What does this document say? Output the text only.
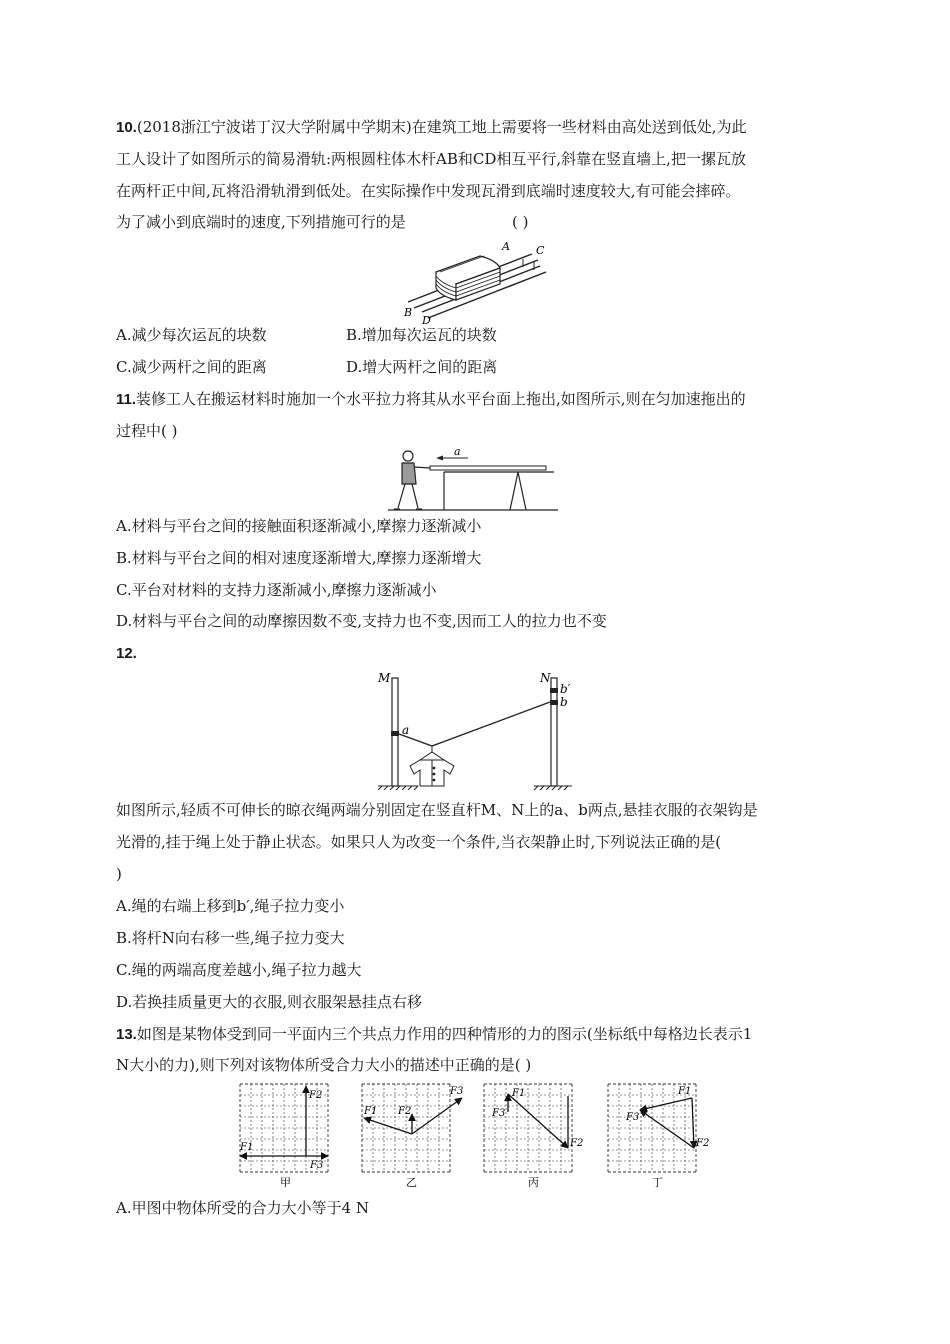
10.(2018浙江宁波诺丁汉大学附属中学期末)在建筑工地上需要将一些材料由高处送到低处,为此
工人设计了如图所示的简易滑轨:两根圆柱体木杆AB和CD相互平行,斜靠在竖直墙上,把一摞瓦放
在两杆正中间,瓦将沿滑轨滑到低处。在实际操作中发现瓦滑到底端时速度较大,有可能会摔碎。
为了减小到底端时的速度,下列措施可行的是	( )
A C
B
D
A.减少每次运瓦的块数	B.增加每次运瓦的块数
C.减少两杆之间的距离	D.增大两杆之间的距离
11.装修工人在搬运材料时施加一个水平拉力将其从水平台面上拖出,如图所示,则在匀加速拖出的
过程中( )
a
A.材料与平台之间的接触面积逐渐减小,摩擦力逐渐减小
B.材料与平台之间的相对速度逐渐增大,摩擦力逐渐增大
C.平台对材料的支持力逐渐减小,摩擦力逐渐减小
D.材料与平台之间的动摩擦因数不变,支持力也不变,因而工人的拉力也不变
12.
M	N
a
b
b′
如图所示,轻质不可伸长的晾衣绳两端分别固定在竖直杆M、N上的a、b两点,悬挂衣服的衣架钩是
光滑的,挂于绳上处于静止状态。如果只人为改变一个条件,当衣架静止时,下列说法正确的是(
)
A.绳的右端上移到b′,绳子拉力变小
B.将杆N向右移一些,绳子拉力变大
C.绳的两端高度差越小,绳子拉力越大
D.若换挂质量更大的衣服,则衣服架悬挂点右移
13.如图是某物体受到同一平面内三个共点力作用的四种情形的力的图示(坐标纸中每格边长表示1
N大小的力),则下列对该物体所受合力大小的描述中正确的是( )
F2
F1
F3
甲
F1 F2
F3
乙
F1
F2
F3
丙
F1
F2
F3
丁
A.甲图中物体所受的合力大小等于4 N
